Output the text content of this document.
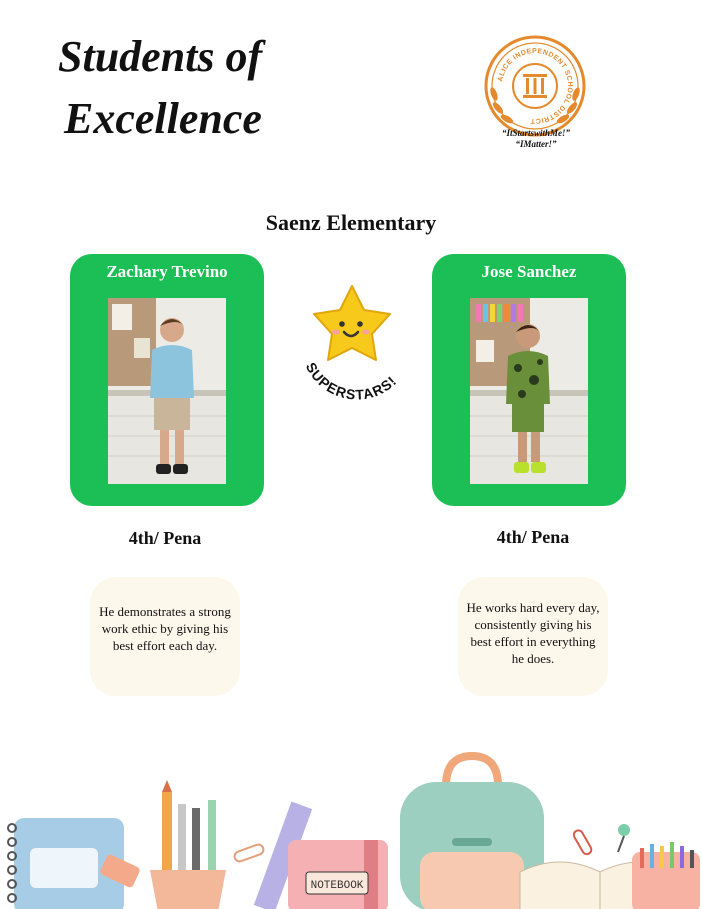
Students of
Excellence
ALICE INDEPENDENT SCHOOL DISTRICT
“ItStartswithMe!”
“IMatter!”
Saenz Elementary
Zachary Trevino
4th/ Pena
He demonstrates a strong work ethic by giving his best effort each day.
Jose Sanchez
4th/ Pena
He works hard every day, consistently giving his best effort in everything he does.
SUPERSTARS!
NOTEBOOK
